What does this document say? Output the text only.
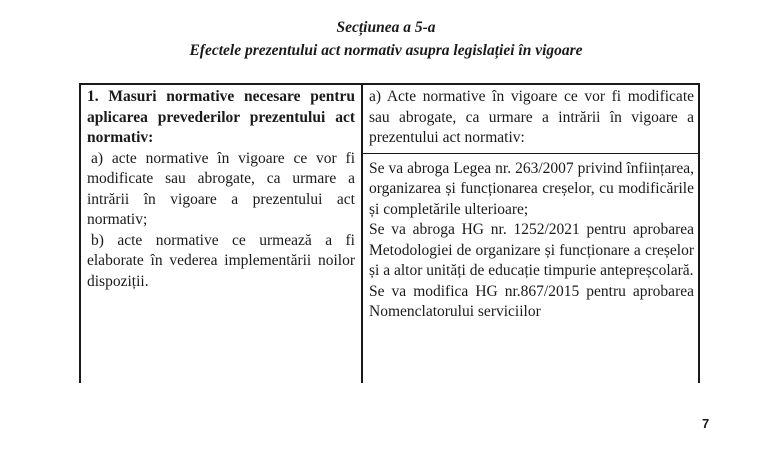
Secțiunea a 5-a
Efectele prezentului act normativ asupra legislației în vigoare

1. Masuri normative necesare pentru aplicarea prevederilor prezentului act normativ:

a) acte normative în vigoare ce vor fi modificate sau abrogate, ca urmare a intrării în vigoare a prezentului act normativ;

b) acte normative ce urmează a fi elaborate în vederea implementării noilor dispoziții.

a) Acte normative în vigoare ce vor fi modificate sau abrogate, ca urmare a intrării în vigoare a prezentului act normativ:

Se va abroga Legea nr. 263/2007 privind înființarea, organizarea și funcționarea creșelor, cu modificările și completările ulterioare;

Se va abroga HG nr. 1252/2021 pentru aprobarea Metodologiei de organizare și funcționare a creșelor și a altor unități de educație timpurie antepreșcolară.

Se va modifica HG nr.867/2015 pentru aprobarea Nomenclatorului serviciilor

7
